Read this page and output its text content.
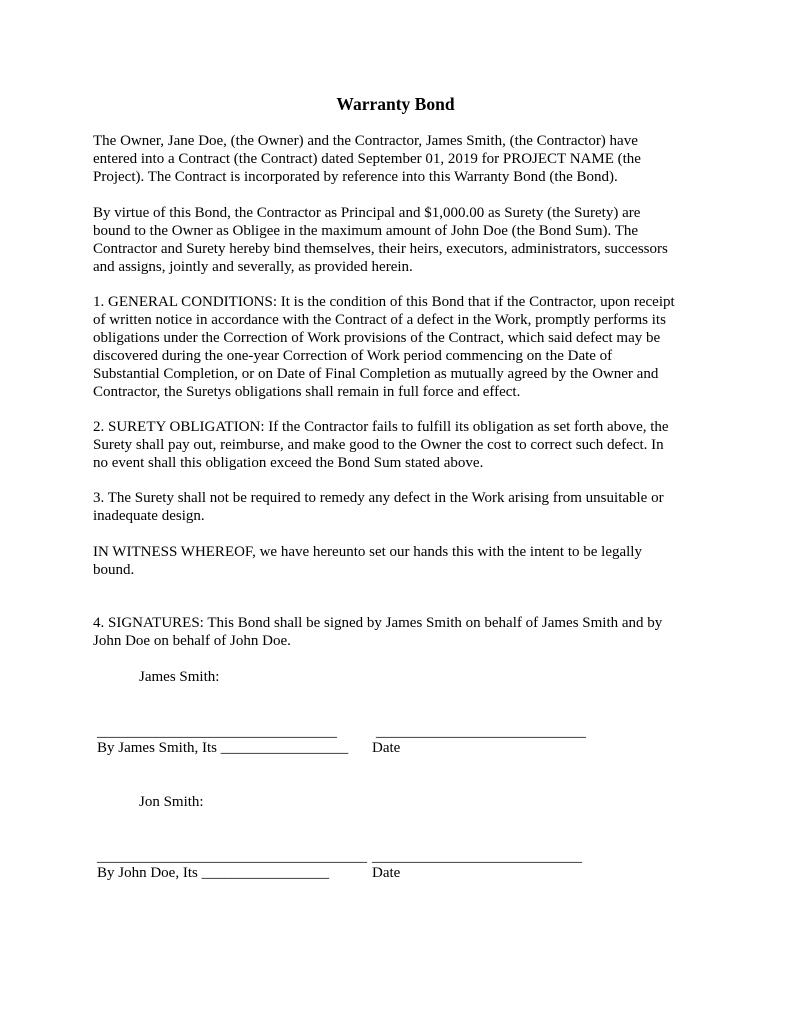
Warranty Bond

The Owner, Jane Doe, (the Owner) and the Contractor, James Smith, (the Contractor) have
entered into a Contract (the Contract) dated September 01, 2019 for PROJECT NAME (the
Project). The Contract is incorporated by reference into this Warranty Bond (the Bond).

By virtue of this Bond, the Contractor as Principal and $1,000.00 as Surety (the Surety) are
bound to the Owner as Obligee in the maximum amount of John Doe (the Bond Sum). The
Contractor and Surety hereby bind themselves, their heirs, executors, administrators, successors
and assigns, jointly and severally, as provided herein.

1. GENERAL CONDITIONS: It is the condition of this Bond that if the Contractor, upon receipt
of written notice in accordance with the Contract of a defect in the Work, promptly performs its
obligations under the Correction of Work provisions of the Contract, which said defect may be
discovered during the one-year Correction of Work period commencing on the Date of
Substantial Completion, or on Date of Final Completion as mutually agreed by the Owner and
Contractor, the Suretys obligations shall remain in full force and effect.

2. SURETY OBLIGATION: If the Contractor fails to fulfill its obligation as set forth above, the
Surety shall pay out, reimburse, and make good to the Owner the cost to correct such defect. In
no event shall this obligation exceed the Bond Sum stated above.

3. The Surety shall not be required to remedy any defect in the Work arising from unsuitable or
inadequate design.

IN WITNESS WHEREOF, we have hereunto set our hands this with the intent to be legally
bound.

4. SIGNATURES: This Bond shall be signed by James Smith on behalf of James Smith and by
John Doe on behalf of John Doe.

James Smith:
________________________________	____________________________
By James Smith, Its _________________ Date
Jon Smith:
____________________________________ ____________________________
By John Doe, Its _________________	Date
